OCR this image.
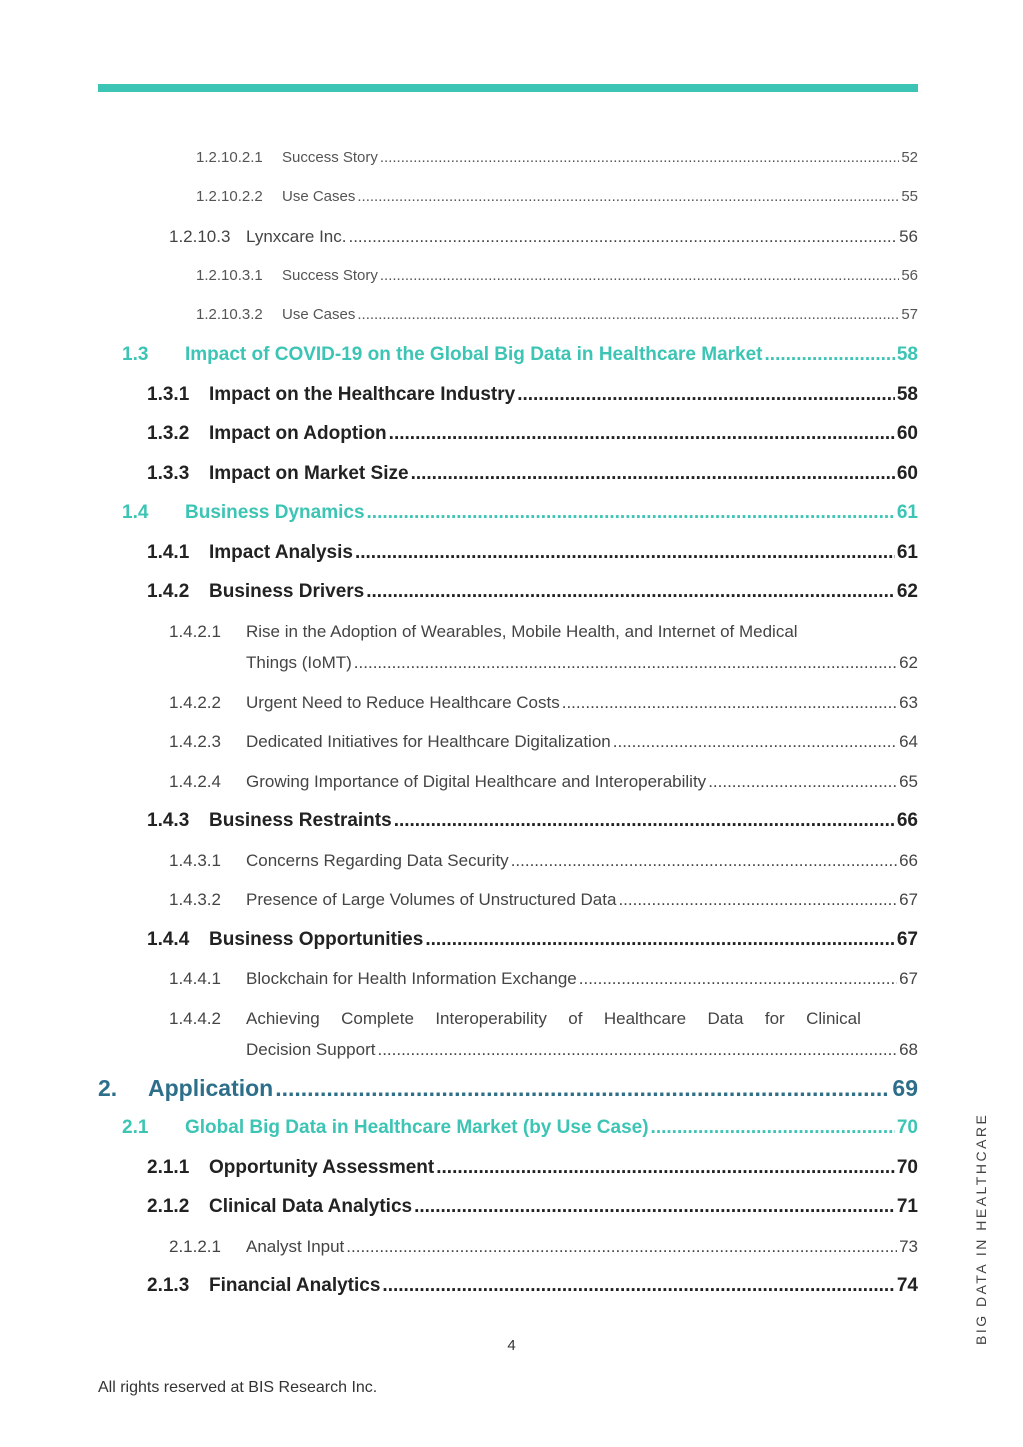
1.2.10.2.1	Success Story .....	52
1.2.10.2.2	Use Cases .....	55
1.2.10.3 Lynxcare Inc. .....	56
1.2.10.3.1	Success Story .....	56
1.2.10.3.2	Use Cases .....	57
1.3	Impact of COVID-19 on the Global Big Data in Healthcare Market .....	58
1.3.1	Impact on the Healthcare Industry .....	58
1.3.2	Impact on Adoption .....	60
1.3.3	Impact on Market Size .....	60
1.4	Business Dynamics .....	61
1.4.1	Impact Analysis .....	61
1.4.2	Business Drivers .....	62
1.4.2.1 Rise in the Adoption of Wearables, Mobile Health, and Internet of Medical
Things (IoMT) .....	62
1.4.2.2	Urgent Need to Reduce Healthcare Costs .....	63
1.4.2.3	Dedicated Initiatives for Healthcare Digitalization .....	64
1.4.2.4	Growing Importance of Digital Healthcare and Interoperability .....	65
1.4.3	Business Restraints .....	66
1.4.3.1	Concerns Regarding Data Security .....	66
1.4.3.2	Presence of Large Volumes of Unstructured Data .....	67
1.4.4	Business Opportunities .....	67
1.4.4.1	Blockchain for Health Information Exchange .....	67
1.4.4.2 Achieving Complete Interoperability of Healthcare Data for Clinical
Decision Support .....	68
2.	Application .....	69
2.1	Global Big Data in Healthcare Market (by Use Case) .....	70
2.1.1	Opportunity Assessment .....	70
2.1.2	Clinical Data Analytics .....	71
2.1.2.1	Analyst Input .....	73
2.1.3	Financial Analytics .....	74
4
All rights reserved at BIS Research Inc.
BIG DATA IN HEALTHCARE
